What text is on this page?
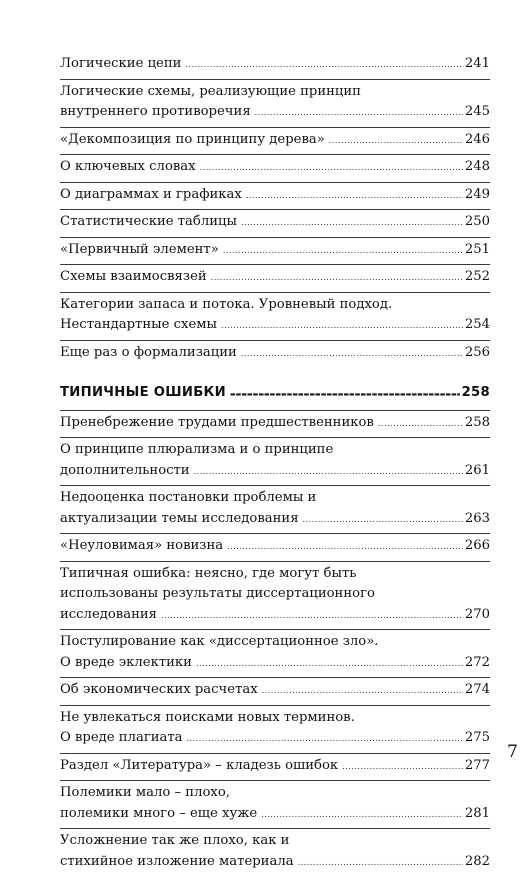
Логические цепи .....	241
Логические схемы, реализующие принцип
внутреннего противоречия .....	245
«Декомпозиция по принципу дерева» .....	246
О ключевых словах .....	248
О диаграммах и графиках .....	249
Статистические таблицы .....	250
«Первичный элемент» .....	251
Схемы взаимосвязей .....	252
Категории запаса и потока. Уровневый подход.
Нестандартные схемы .....	254
Еще раз о формализации .....	256
ТИПИЧНЫЕ ОШИБКИ ▬▬▬▬▬▬▬▬▬▬▬▬▬▬▬▬▬▬▬▬▬▬▬▬▬▬▬▬▬▬▬▬▬▬▬▬▬▬▬▬▬▬▬▬▬▬▬▬▬▬▬▬▬▬▬▬▬▬▬▬	258
Пренебрежение трудами предшественников .....	258
О принципе плюрализма и о принципе
дополнительности .....	261
Недооценка постановки проблемы и
актуализации темы исследования .....	263
«Неуловимая» новизна .....	266
Типичная ошибка: неясно, где могут быть
использованы результаты диссертационного
исследования .....	270
Постулирование как «диссертационное зло».
О вреде эклектики .....	272
Об экономических расчетах .....	274
Не увлекаться поисками новых терминов.
О вреде плагиата .....	275
Раздел «Литература» – кладезь ошибок .....	277
Полемики мало – плохо,
полемики много – еще хуже .....	281
Усложнение так же плохо, как и
стихийное изложение материала .....	282
7
